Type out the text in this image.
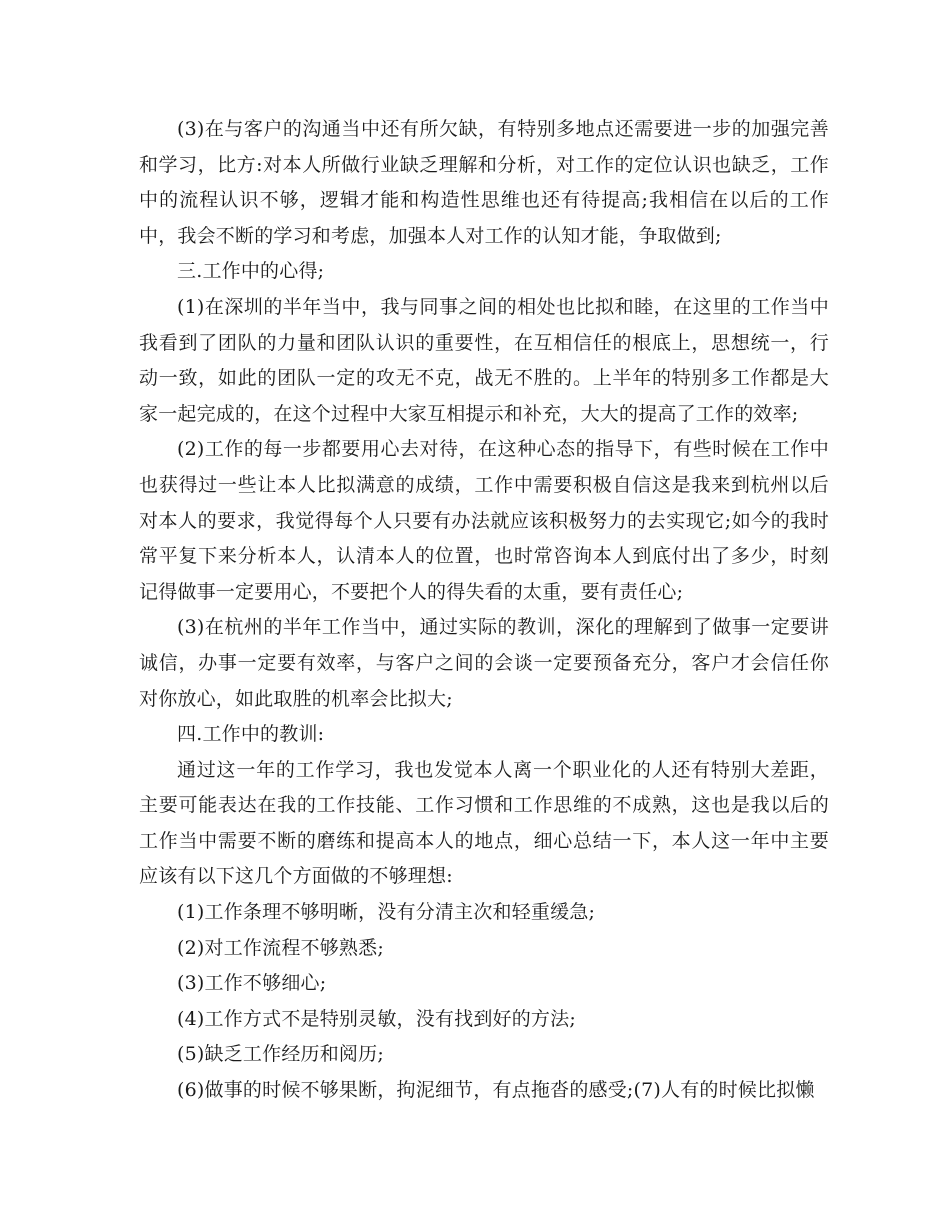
(3)在与客户的沟通当中还有所欠缺，有特别多地点还需要进一步的加强完善和学习，比方:对本人所做行业缺乏理解和分析，对工作的定位认识也缺乏，工作中的流程认识不够，逻辑才能和构造性思维也还有待提高;我相信在以后的工作中，我会不断的学习和考虑，加强本人对工作的认知才能，争取做到;

三.工作中的心得;

(1)在深圳的半年当中，我与同事之间的相处也比拟和睦，在这里的工作当中我看到了团队的力量和团队认识的重要性，在互相信任的根底上，思想统一，行动一致，如此的团队一定的攻无不克，战无不胜的。上半年的特别多工作都是大家一起完成的，在这个过程中大家互相提示和补充，大大的提高了工作的效率;

(2)工作的每一步都要用心去对待，在这种心态的指导下，有些时候在工作中也获得过一些让本人比拟满意的成绩，工作中需要积极自信这是我来到杭州以后对本人的要求，我觉得每个人只要有办法就应该积极努力的去实现它;如今的我时常平复下来分析本人，认清本人的位置，也时常咨询本人到底付出了多少，时刻记得做事一定要用心，不要把个人的得失看的太重，要有责任心;

(3)在杭州的半年工作当中，通过实际的教训，深化的理解到了做事一定要讲诚信，办事一定要有效率，与客户之间的会谈一定要预备充分，客户才会信任你对你放心，如此取胜的机率会比拟大;

四.工作中的教训:

通过这一年的工作学习，我也发觉本人离一个职业化的人还有特别大差距，主要可能表达在我的工作技能、工作习惯和工作思维的不成熟，这也是我以后的工作当中需要不断的磨练和提高本人的地点，细心总结一下，本人这一年中主要应该有以下这几个方面做的不够理想:

(1)工作条理不够明晰，没有分清主次和轻重缓急;

(2)对工作流程不够熟悉;

(3)工作不够细心;

(4)工作方式不是特别灵敏，没有找到好的方法;

(5)缺乏工作经历和阅历;

(6)做事的时候不够果断，拘泥细节，有点拖沓的感受;(7)人有的时候比拟懒
